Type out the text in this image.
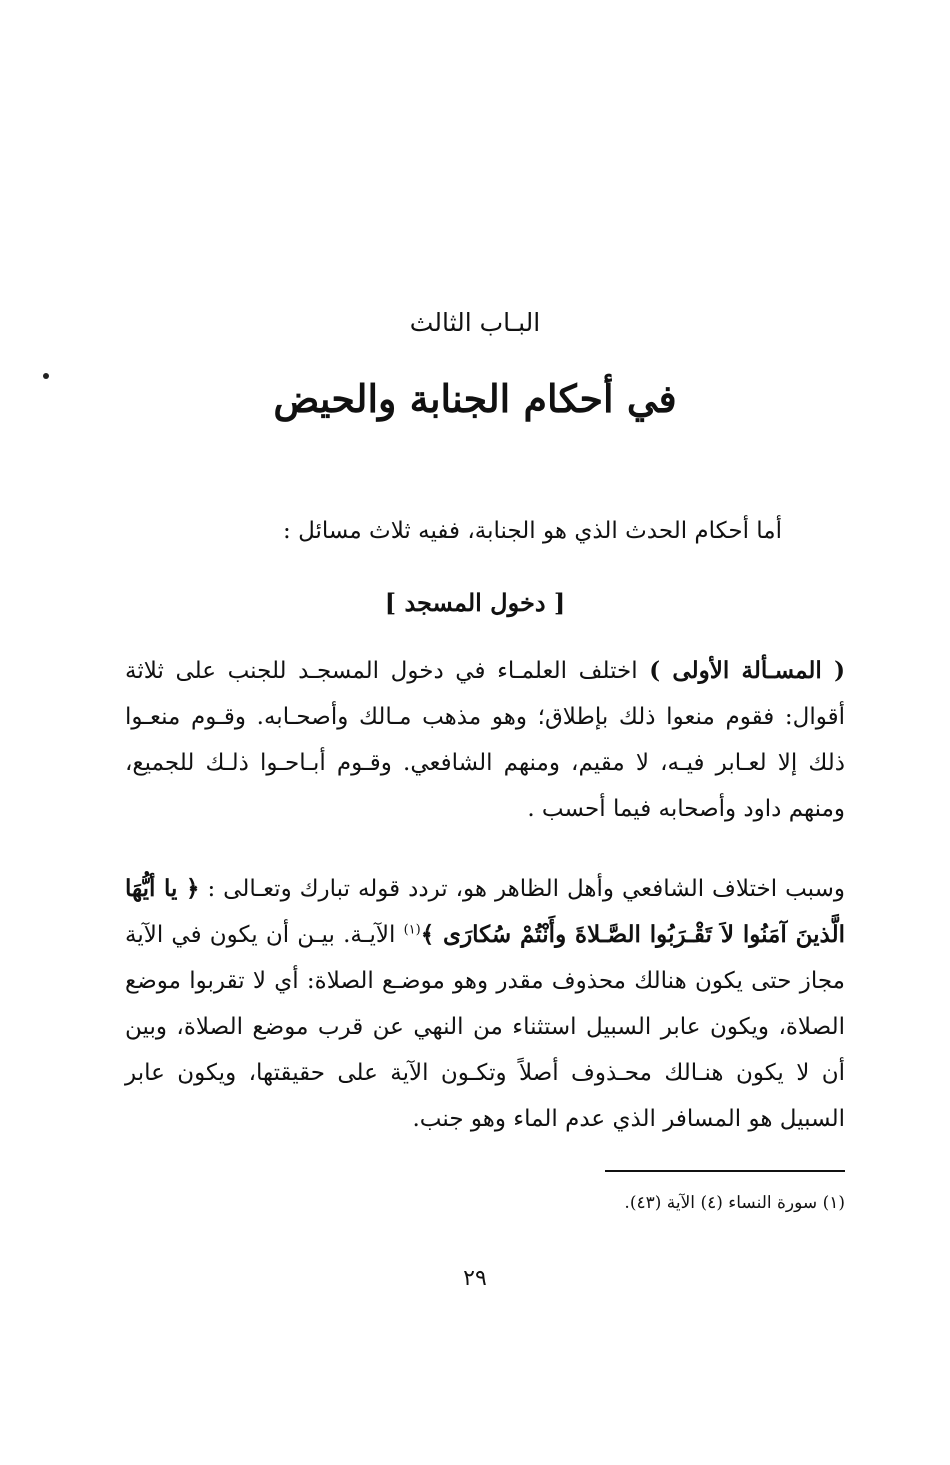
البـاب الثالث
في أحكام الجنابة والحيض
أما أحكام الحدث الذي هو الجنابة، ففيه ثلاث مسائل :
[ دخول المسجد ]

( المسـألة الأولى ) اختلف العلمـاء في دخول المسجـد للجنب على ثلاثة أقوال: فقوم منعوا ذلك بإطلاق؛ وهو مذهب مـالك وأصحـابه. وقـوم منعـوا ذلك إلا لعـابر فيـه، لا مقيم، ومنهم الشافعي. وقـوم أبـاحـوا ذلـك للجميع، ومنهم داود وأصحابه فيما أحسب .

وسبب اختلاف الشافعي وأهل الظاهر هو، تردد قوله تبارك وتعـالى : ﴿ يا أيُّهَا الَّذينَ آمَنُوا لاَ تَقْـرَبُوا الصَّـلاةَ وأَنْتُمْ سُكارَى ﴾$^{(١)}$ الآيـة. بيـن أن يكون في الآية مجاز حتى يكون هنالك محذوف مقدر وهو موضـع الصلاة: أي لا تقربوا موضع الصلاة، ويكون عابر السبيل استثناء من النهي عن قرب موضع الصلاة، وبين أن لا يكون هنـالك محـذوف أصلاً وتكـون الآية على حقيقتها، ويكون عابر السبيل هو المسافر الذي عدم الماء وهو جنب.

(١) سورة النساء (٤) الآية (٤٣).
٢٩
